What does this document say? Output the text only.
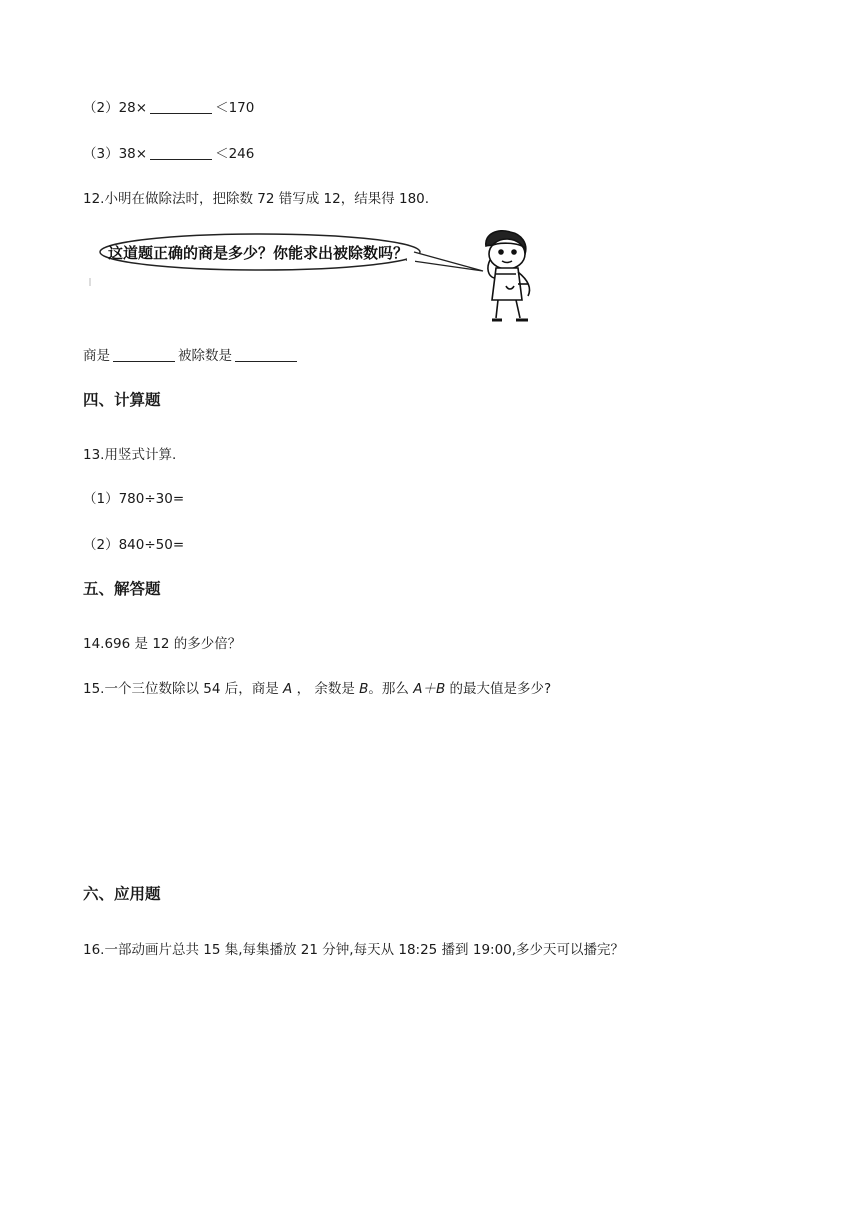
（2）28×	＜170
（3）38×	＜246
12.小明在做除法时，把除数 72 错写成 12，结果得 180.
这道题正确的商是多少？你能求出被除数吗？
商是	被除数是
四、计算题
13.用竖式计算.
（1）780÷30=
（2）840÷50=
五、解答题
14.696 是 12 的多少倍？
15.一个三位数除以 54 后，商是 A ， 余数是 B。那么 A＋B 的最大值是多少?
六、应用题
16.一部动画片总共 15 集,每集播放 21 分钟,每天从 18:25 播到 19:00,多少天可以播完？
